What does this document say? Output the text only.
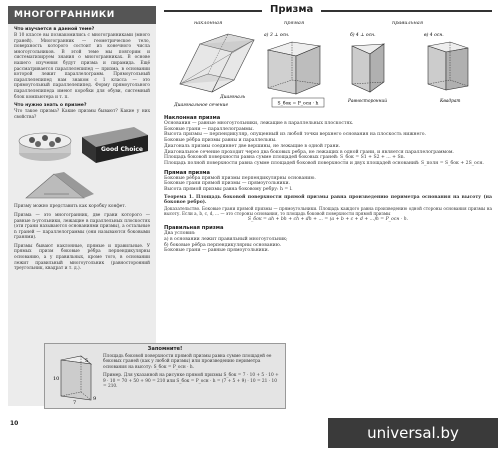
МНОГОГРАННИКИ
Что изучается в данной теме?
В 10 классе вы познакомились с многогранниками (много граней). Многогранник — геометрическое тело, поверхность которого состоит из конечного числа многоугольников. В этой теме мы повторим и систематизируем знания о многогранниках. В основе нашего изучения будут призма и пирамида. Ещё рассматривается параллелепипед — призма, в основании которой лежит параллелограмм. Прямоугольный параллелепипед нам знаком с 1 класса — это прямоугольный параллелепипед. Форму прямоугольного параллелепипеда имеют коробки для обуви, системный блок компьютера и т. п.
Что нужно знать о призме?
Что такое призма? Какие призмы бывают? Какие у них свойства?
Good Choice
Призму можно представить как коробку конфет.
Призма — это многогранник, две грани которого — равные n-угольники, лежащие в параллельных плоскостях (эти грани называются основаниями призмы), а остальные n граней — параллелограммы (они называются боковыми гранями).
Призмы бывают наклонные, прямые и правильные. У прямых призм боковые рёбра перпендикулярны основанию, а у правильных, кроме того, в основании лежит правильный многоугольник (равносторонний треугольник, квадрат и т. д.).
10
Призма
наклонная	прямая	правильная
Диагональ
Диагональное сечение
a) 3 ⊥ осн.
S_бок = P_осн · h
б) 4 ⊥ осн.	в) 4 осн.
Равносторонний	Квадрат
Наклонная призма
Основания — равные многоугольники, лежащие в параллельных плоскостях.
Боковые грани — параллелограммы.
Высота призмы — перпендикуляр, опущенный из любой точки верхнего основания на плоскость нижнего.
Боковые рёбра призмы равны и параллельны.
Диагональ призмы соединяет две вершины, не лежащие в одной грани.
Диагональное сечение проходит через два боковых ребра, не лежащих в одной грани, и является параллелограммом.
Площадь боковой поверхности равна сумме площадей боковых граней: S_бок = S1 + S2 + ... + Sn.
Площадь полной поверхности равна сумме площадей боковой поверхности и двух площадей оснований: S_полн = S_бок + 2S_осн.
Прямая призма
Боковые рёбра прямой призмы перпендикулярны основанию.
Боковые грани прямой призмы — прямоугольники.
Высота прямой призмы равна боковому ребру: h = l.
Теорема 1. Площадь боковой поверхности прямой призмы равна произведению периметра основания на высоту (на боковое ребро).
Доказательство. Боковые грани прямой призмы — прямоугольники. Площадь каждого равна произведению одной стороны основания призмы на высоту. Если a, b, c, d, ... — это стороны основания, то площадь боковой поверхности прямой призмы
S_бок = ah + bh + ch + dh + ... = (a + b + c + d + ...)h = P_осн · h.
Правильная призма
Два условия:
а) в основании лежит правильный многоугольник;
б) боковые рёбра перпендикулярны основанию.
Боковые грани — равные прямоугольники.
Запомните!
10
7
9
5
Площадь боковой поверхности прямой призмы равна сумме площадей ее боковых граней (как у любой призмы) или произведению периметра основания на высоту: S_бок = P_осн · h.
Пример. Для указанной на рисунке прямой призмы S_бок = 7 · 10 + 5 · 10 + 9 · 10 = 70 + 50 + 90 = 210 или S_бок = P_осн · h = (7 + 5 + 9) · 10 = 21 · 10 = 210.
universal.by
